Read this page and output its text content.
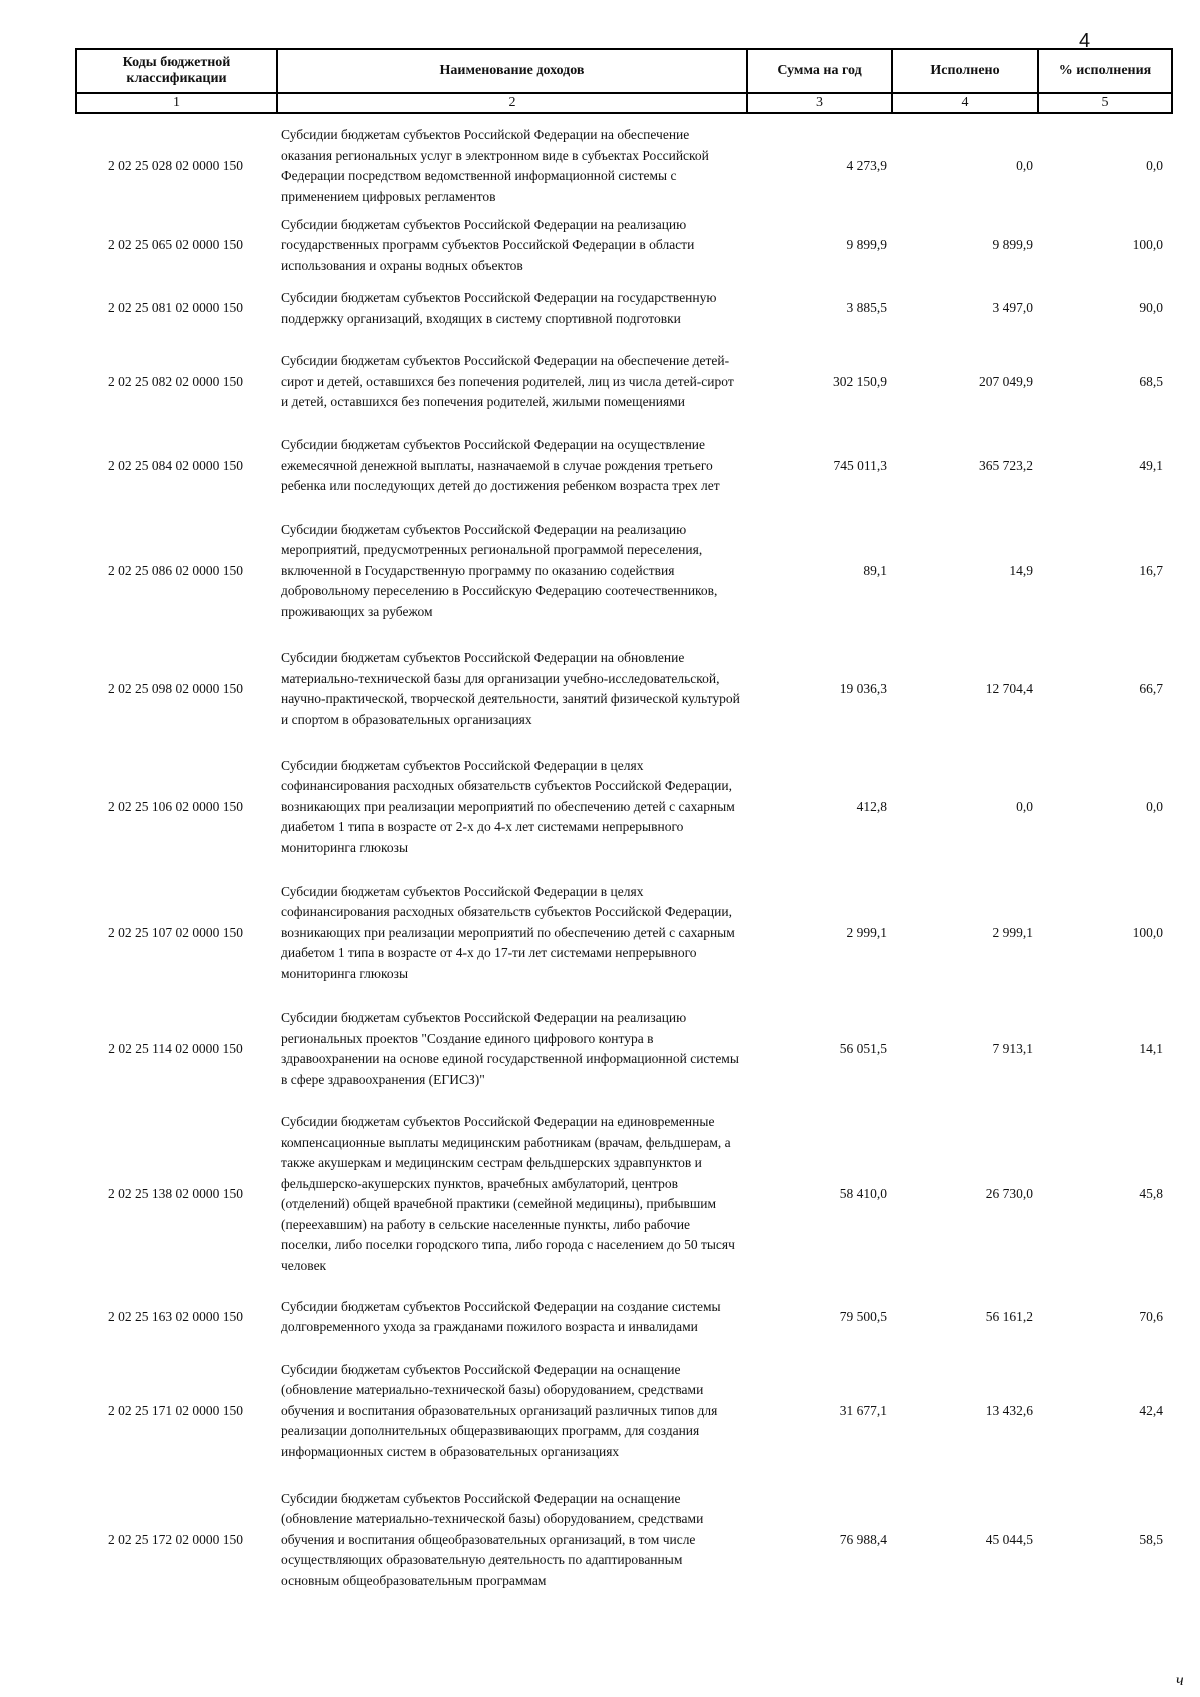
4
Коды бюджетной классификации	Наименование доходов	Сумма на год	Исполнено	% исполнения
1	2	3	4	5
2 02 25 028 02 0000 150	Субсидии бюджетам субъектов Российской Федерации на обеспечение оказания региональных услуг в электронном виде в субъектах Российской Федерации посредством ведомственной информационной системы с применением цифровых регламентов	4 273,9	0,0	0,0
2 02 25 065 02 0000 150	Субсидии бюджетам субъектов Российской Федерации на реализацию государственных программ субъектов Российской Федерации в области использования и охраны водных объектов	9 899,9	9 899,9	100,0
2 02 25 081 02 0000 150	Субсидии бюджетам субъектов Российской Федерации на государственную поддержку организаций, входящих в систему спортивной подготовки	3 885,5	3 497,0	90,0
2 02 25 082 02 0000 150	Субсидии бюджетам субъектов Российской Федерации на обеспечение детей-сирот и детей, оставшихся без попечения родителей, лиц из числа детей-сирот и детей, оставшихся без попечения родителей, жилыми помещениями	302 150,9	207 049,9	68,5
2 02 25 084 02 0000 150	Субсидии бюджетам субъектов Российской Федерации на осуществление ежемесячной денежной выплаты, назначаемой в случае рождения третьего ребенка или последующих детей до достижения ребенком возраста трех лет	745 011,3	365 723,2	49,1
2 02 25 086 02 0000 150	Субсидии бюджетам субъектов Российской Федерации на реализацию мероприятий, предусмотренных региональной программой переселения, включенной в Государственную программу по оказанию содействия добровольному переселению в Российскую Федерацию соотечественников, проживающих за рубежом	89,1	14,9	16,7
2 02 25 098 02 0000 150	Субсидии бюджетам субъектов Российской Федерации на обновление материально-технической базы для организации учебно-исследовательской, научно-практической, творческой деятельности, занятий физической культурой и спортом в образовательных организациях	19 036,3	12 704,4	66,7
2 02 25 106 02 0000 150	Субсидии бюджетам субъектов Российской Федерации в целях софинансирования расходных обязательств субъектов Российской Федерации, возникающих при реализации мероприятий по обеспечению детей с сахарным диабетом 1 типа в возрасте от 2-х до 4-х лет системами непрерывного мониторинга глюкозы	412,8	0,0	0,0
2 02 25 107 02 0000 150	Субсидии бюджетам субъектов Российской Федерации в целях софинансирования расходных обязательств субъектов Российской Федерации, возникающих при реализации мероприятий по обеспечению детей с сахарным диабетом 1 типа в возрасте от 4-х до 17-ти лет системами непрерывного мониторинга глюкозы	2 999,1	2 999,1	100,0
2 02 25 114 02 0000 150	Субсидии бюджетам субъектов Российской Федерации на реализацию региональных проектов "Создание единого цифрового контура в здравоохранении на основе единой государственной информационной системы в сфере здравоохранения (ЕГИСЗ)"	56 051,5	7 913,1	14,1
2 02 25 138 02 0000 150	Субсидии бюджетам субъектов Российской Федерации на единовременные компенсационные выплаты медицинским работникам (врачам, фельдшерам, а также акушеркам и медицинским сестрам фельдшерских здравпунктов и фельдшерско-акушерских пунктов, врачебных амбулаторий, центров (отделений) общей врачебной практики (семейной медицины), прибывшим (переехавшим) на работу в сельские населенные пункты, либо рабочие поселки, либо поселки городского типа, либо города с населением до 50 тысяч человек	58 410,0	26 730,0	45,8
2 02 25 163 02 0000 150	Субсидии бюджетам субъектов Российской Федерации на создание системы долговременного ухода за гражданами пожилого возраста и инвалидами	79 500,5	56 161,2	70,6
2 02 25 171 02 0000 150	Субсидии бюджетам субъектов Российской Федерации на оснащение (обновление материально-технической базы) оборудованием, средствами обучения и воспитания образовательных организаций различных типов для реализации дополнительных общеразвивающих программ, для создания информационных систем в образовательных организациях	31 677,1	13 432,6	42,4
2 02 25 172 02 0000 150	Субсидии бюджетам субъектов Российской Федерации на оснащение (обновление материально-технической базы) оборудованием, средствами обучения и воспитания общеобразовательных организаций, в том числе осуществляющих образовательную деятельность по адаптированным основным общеобразовательным программам	76 988,4	45 044,5	58,5
ч
